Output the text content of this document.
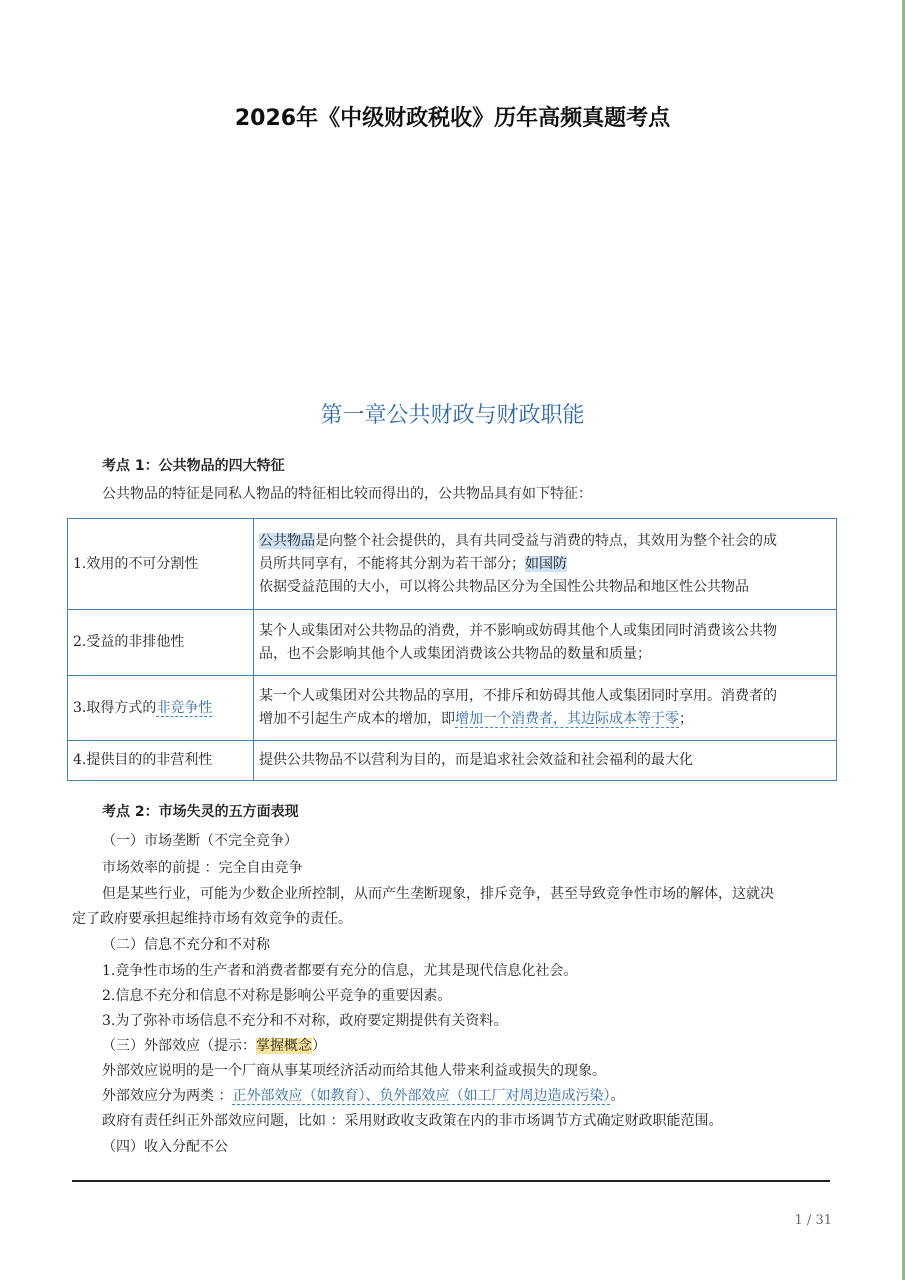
2026年《中级财政税收》历年高频真题考点
第一章公共财政与财政职能
考点 1：公共物品的四大特征
公共物品的特征是同私人物品的特征相比较而得出的，公共物品具有如下特征：
1.效用的不可分割性	公共物品是向整个社会提供的，具有共同受益与消费的特点，其效用为整个社会的成
员所共同享有，不能将其分割为若干部分；如国防
依据受益范围的大小，可以将公共物品区分为全国性公共物品和地区性公共物品

2.受益的非排他性	某个人或集团对公共物品的消费，并不影响或妨碍其他个人或集团同时消费该公共物
品，也不会影响其他个人或集团消费该公共物品的数量和质量；

3.取得方式的非竞争性	某一个人或集团对公共物品的享用，不排斥和妨碍其他人或集团同时享用。消费者的
增加不引起生产成本的增加，即增加一个消费者，其边际成本等于零；

4.提供目的的非营利性	提供公共物品不以营利为目的，而是追求社会效益和社会福利的最大化
考点 2：市场失灵的五方面表现
（一）市场垄断（不完全竞争）
市场效率的前提 ：完全自由竞争
但是某些行业，可能为少数企业所控制，从而产生垄断现象，排斥竞争，甚至导致竞争性市场的解体，这就决
定了政府要承担起维持市场有效竞争的责任。
（二）信息不充分和不对称
1.竞争性市场的生产者和消费者都要有充分的信息，尤其是现代信息化社会。
2.信息不充分和信息不对称是影响公平竞争的重要因素。
3.为了弥补市场信息不充分和不对称，政府要定期提供有关资料。
（三）外部效应（提示：掌握概念）
外部效应说明的是一个厂商从事某项经济活动而给其他人带来利益或损失的现象。
外部效应分为两类 ：正外部效应（如教育）、负外部效应（如工厂对周边造成污染）。
政府有责任纠正外部效应问题，比如 ：采用财政收支政策在内的非市场调节方式确定财政职能范围。
（四）收入分配不公
1 / 31
